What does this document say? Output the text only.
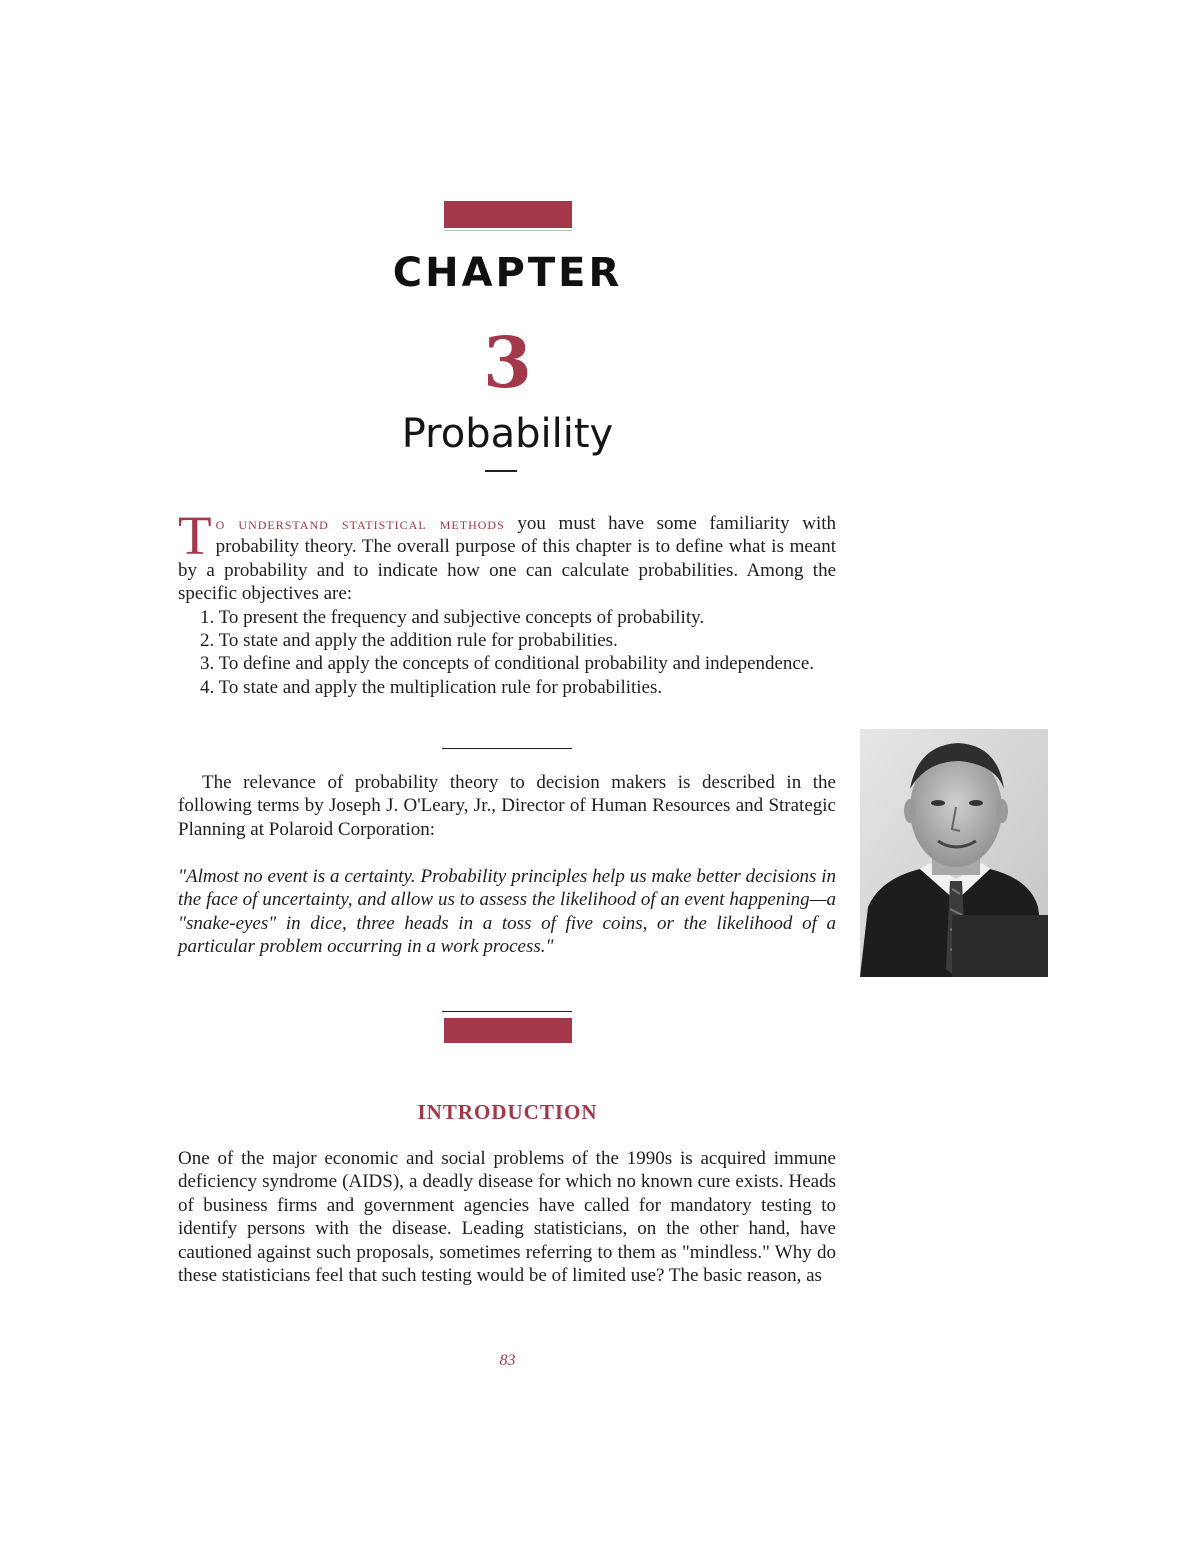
CHAPTER
3
Probability
T o understand statistical methods you must have some familiarity with probability theory. The overall purpose of this chapter is to define what is meant by a probability and to indicate how one can calculate probabilities. Among the specific objectives are:
1. To present the frequency and subjective concepts of probability.
2. To state and apply the addition rule for probabilities.
3. To define and apply the concepts of conditional probability and independence.
4. To state and apply the multiplication rule for probabilities.
The relevance of probability theory to decision makers is described in the following terms by Joseph J. O'Leary, Jr., Director of Human Resources and Strategic Planning at Polaroid Corporation:
"Almost no event is a certainty. Probability principles help us make better decisions in the face of uncertainty, and allow us to assess the likelihood of an event happening—a "snake-eyes" in dice, three heads in a toss of five coins, or the likelihood of a particular problem occurring in a work process."
INTRODUCTION
One of the major economic and social problems of the 1990s is acquired immune deficiency syndrome (AIDS), a deadly disease for which no known cure exists. Heads of business firms and government agencies have called for mandatory testing to identify persons with the disease. Leading statisticians, on the other hand, have cautioned against such proposals, sometimes referring to them as "mindless." Why do these statisticians feel that such testing would be of limited use? The basic reason, as
83
